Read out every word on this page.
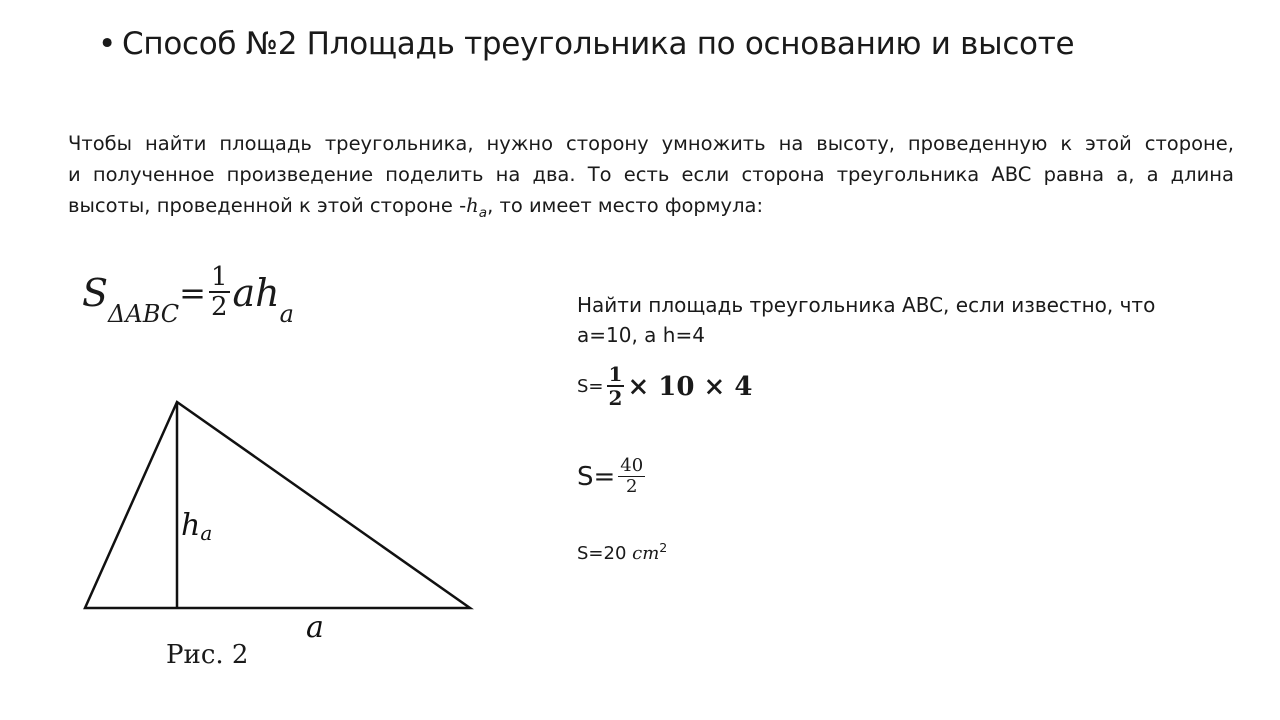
• Способ №2 Площадь треугольника по основанию и высоте
Чтобы найти площадь треугольника, нужно сторону умножить на высоту, проведенную к этой стороне,
и полученное произведение поделить на два. То есть если сторона треугольника ABC равна a, а длина
высоты, проведенной к этой стороне $-h_a$, то имеет место формула:
S ΔABC
= $\frac{1}{2}$ a h a
ha
a
Рис. 2
Найти площадь треугольника ABC, если известно, что
a=10, а h=4
$S= \frac{1}{2} \times 10 \times 4$
$S= \frac{40}{2}$
S=20 $cm^2$
